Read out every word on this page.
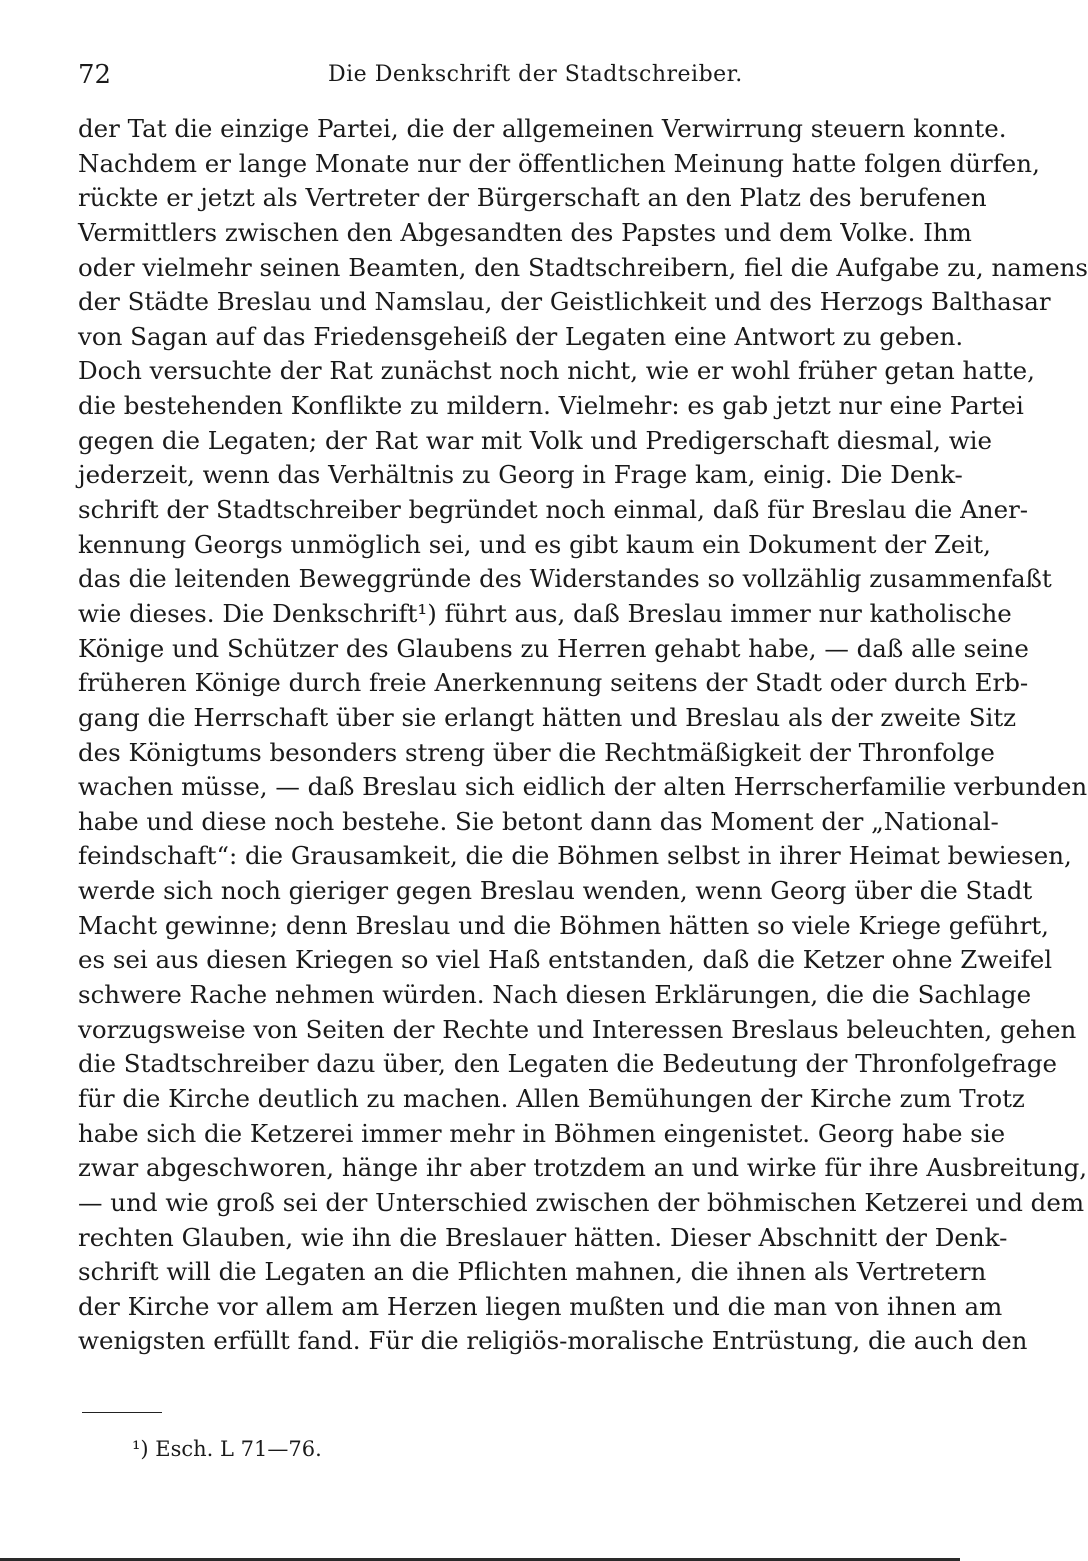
72	Die Denkschrift der Stadtschreiber.
der Tat die einzige Partei, die der allgemeinen Verwirrung steuern konnte.
Nachdem er lange Monate nur der öffentlichen Meinung hatte folgen dürfen,
rückte er jetzt als Vertreter der Bürgerschaft an den Platz des berufenen
Vermittlers zwischen den Abgesandten des Papstes und dem Volke. Ihm
oder vielmehr seinen Beamten, den Stadtschreibern, fiel die Aufgabe zu, namens
der Städte Breslau und Namslau, der Geistlichkeit und des Herzogs Balthasar
von Sagan auf das Friedensgeheiß der Legaten eine Antwort zu geben.
Doch versuchte der Rat zunächst noch nicht, wie er wohl früher getan hatte,
die bestehenden Konflikte zu mildern. Vielmehr: es gab jetzt nur eine Partei
gegen die Legaten; der Rat war mit Volk und Predigerschaft diesmal, wie
jederzeit, wenn das Verhältnis zu Georg in Frage kam, einig. Die Denk-
schrift der Stadtschreiber begründet noch einmal, daß für Breslau die Aner-
kennung Georgs unmöglich sei, und es gibt kaum ein Dokument der Zeit,
das die leitenden Beweggründe des Widerstandes so vollzählig zusammenfaßt
wie dieses. Die Denkschrift¹) führt aus, daß Breslau immer nur katholische
Könige und Schützer des Glaubens zu Herren gehabt habe, — daß alle seine
früheren Könige durch freie Anerkennung seitens der Stadt oder durch Erb-
gang die Herrschaft über sie erlangt hätten und Breslau als der zweite Sitz
des Königtums besonders streng über die Rechtmäßigkeit der Thronfolge
wachen müsse, — daß Breslau sich eidlich der alten Herrscherfamilie verbunden
habe und diese noch bestehe. Sie betont dann das Moment der „National-
feindschaft“: die Grausamkeit, die die Böhmen selbst in ihrer Heimat bewiesen,
werde sich noch gieriger gegen Breslau wenden, wenn Georg über die Stadt
Macht gewinne; denn Breslau und die Böhmen hätten so viele Kriege geführt,
es sei aus diesen Kriegen so viel Haß entstanden, daß die Ketzer ohne Zweifel
schwere Rache nehmen würden. Nach diesen Erklärungen, die die Sachlage
vorzugsweise von Seiten der Rechte und Interessen Breslaus beleuchten, gehen
die Stadtschreiber dazu über, den Legaten die Bedeutung der Thronfolgefrage
für die Kirche deutlich zu machen. Allen Bemühungen der Kirche zum Trotz
habe sich die Ketzerei immer mehr in Böhmen eingenistet. Georg habe sie
zwar abgeschworen, hänge ihr aber trotzdem an und wirke für ihre Ausbreitung,
— und wie groß sei der Unterschied zwischen der böhmischen Ketzerei und dem
rechten Glauben, wie ihn die Breslauer hätten. Dieser Abschnitt der Denk-
schrift will die Legaten an die Pflichten mahnen, die ihnen als Vertretern
der Kirche vor allem am Herzen liegen mußten und die man von ihnen am
wenigsten erfüllt fand. Für die religiös-moralische Entrüstung, die auch den
¹) Esch. L 71—76.
